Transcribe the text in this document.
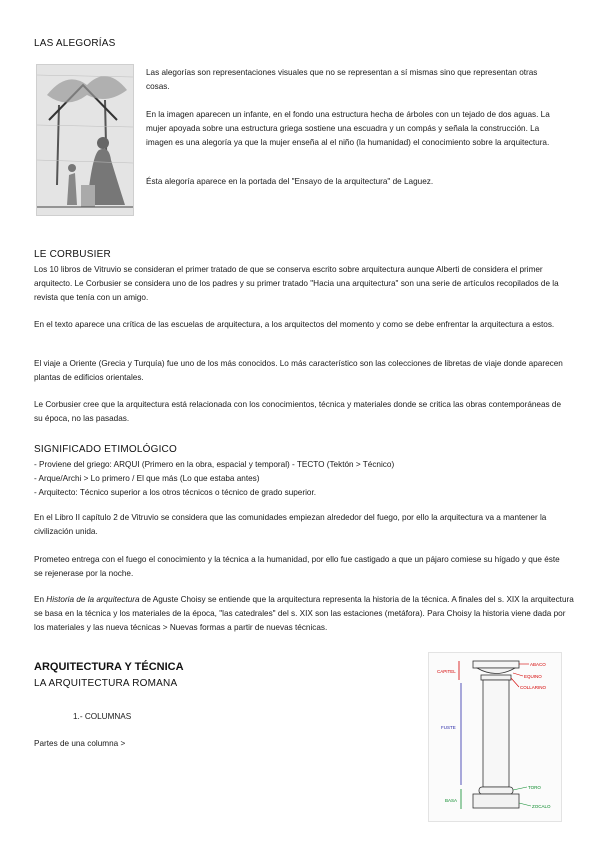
LAS ALEGORÍAS
Las alegorías son representaciones visuales que no se representan a sí mismas sino que representan otras cosas.
En la imagen aparecen un infante, en el fondo una estructura hecha de árboles con un tejado de dos aguas. La mujer apoyada sobre una estructura griega sostiene una escuadra y un compás y señala la construcción. La imagen es una alegoría ya que la mujer enseña al el niño (la humanidad) el conocimiento sobre la arquitectura.
Ésta alegoría aparece en la portada del "Ensayo de la arquitectura" de Laguez.
LE CORBUSIER
Los 10 libros de Vitruvio se consideran el primer tratado de que se conserva escrito sobre arquitectura aunque Alberti de considera el primer arquitecto. Le Corbusier se considera uno de los padres y su primer tratado "Hacia una arquitectura" son una serie de artículos recopilados de la revista que tenía con un amigo.
En el texto aparece una crítica de las escuelas de arquitectura, a los arquitectos del momento y como se debe enfrentar la arquitectura a estos.
El viaje a Oriente (Grecia y Turquía) fue uno de los más conocidos. Lo más característico son las colecciones de libretas de viaje donde aparecen plantas de edificios orientales.
Le Corbusier cree que la arquitectura está relacionada con los conocimientos, técnica y materiales donde se critica las obras contemporáneas de su época, no las pasadas.
SIGNIFICADO ETIMOLÓGICO
- Proviene del griego: ARQUI (Primero en la obra, espacial y temporal) - TECTO (Tektón > Técnico)
- Arque/Archi > Lo primero / El que más (Lo que estaba antes)
- Arquitecto: Técnico superior a los otros técnicos o técnico de grado superior.
En el Libro II capítulo 2 de Vitruvio se considera que las comunidades empiezan alrededor del fuego, por ello la arquitectura va a mantener la civilización unida.
Prometeo entrega con el fuego el conocimiento y la técnica a la humanidad, por ello fue castigado a que un pájaro comiese su hígado y que éste se rejenerase por la noche.
En Historia de la arquitectura de Aguste Choisy se entiende que la arquitectura representa la historia de la técnica. A finales del s. XIX la arquitectura se basa en la técnica y los materiales de la época, "las catedrales" del s. XIX son las estaciones (metáfora). Para Choisy la historia viene dada por los materiales y las nueva técnicas > Nuevas formas a partir de nuevas técnicas.
ARQUITECTURA Y TÉCNICA
LA ARQUITECTURA ROMANA
1.- COLUMNAS
Partes de una columna >
CAPITEL
ABACO
EQUINO
COLLARINO
FUSTE
BASA
TORO
ZOCALO
